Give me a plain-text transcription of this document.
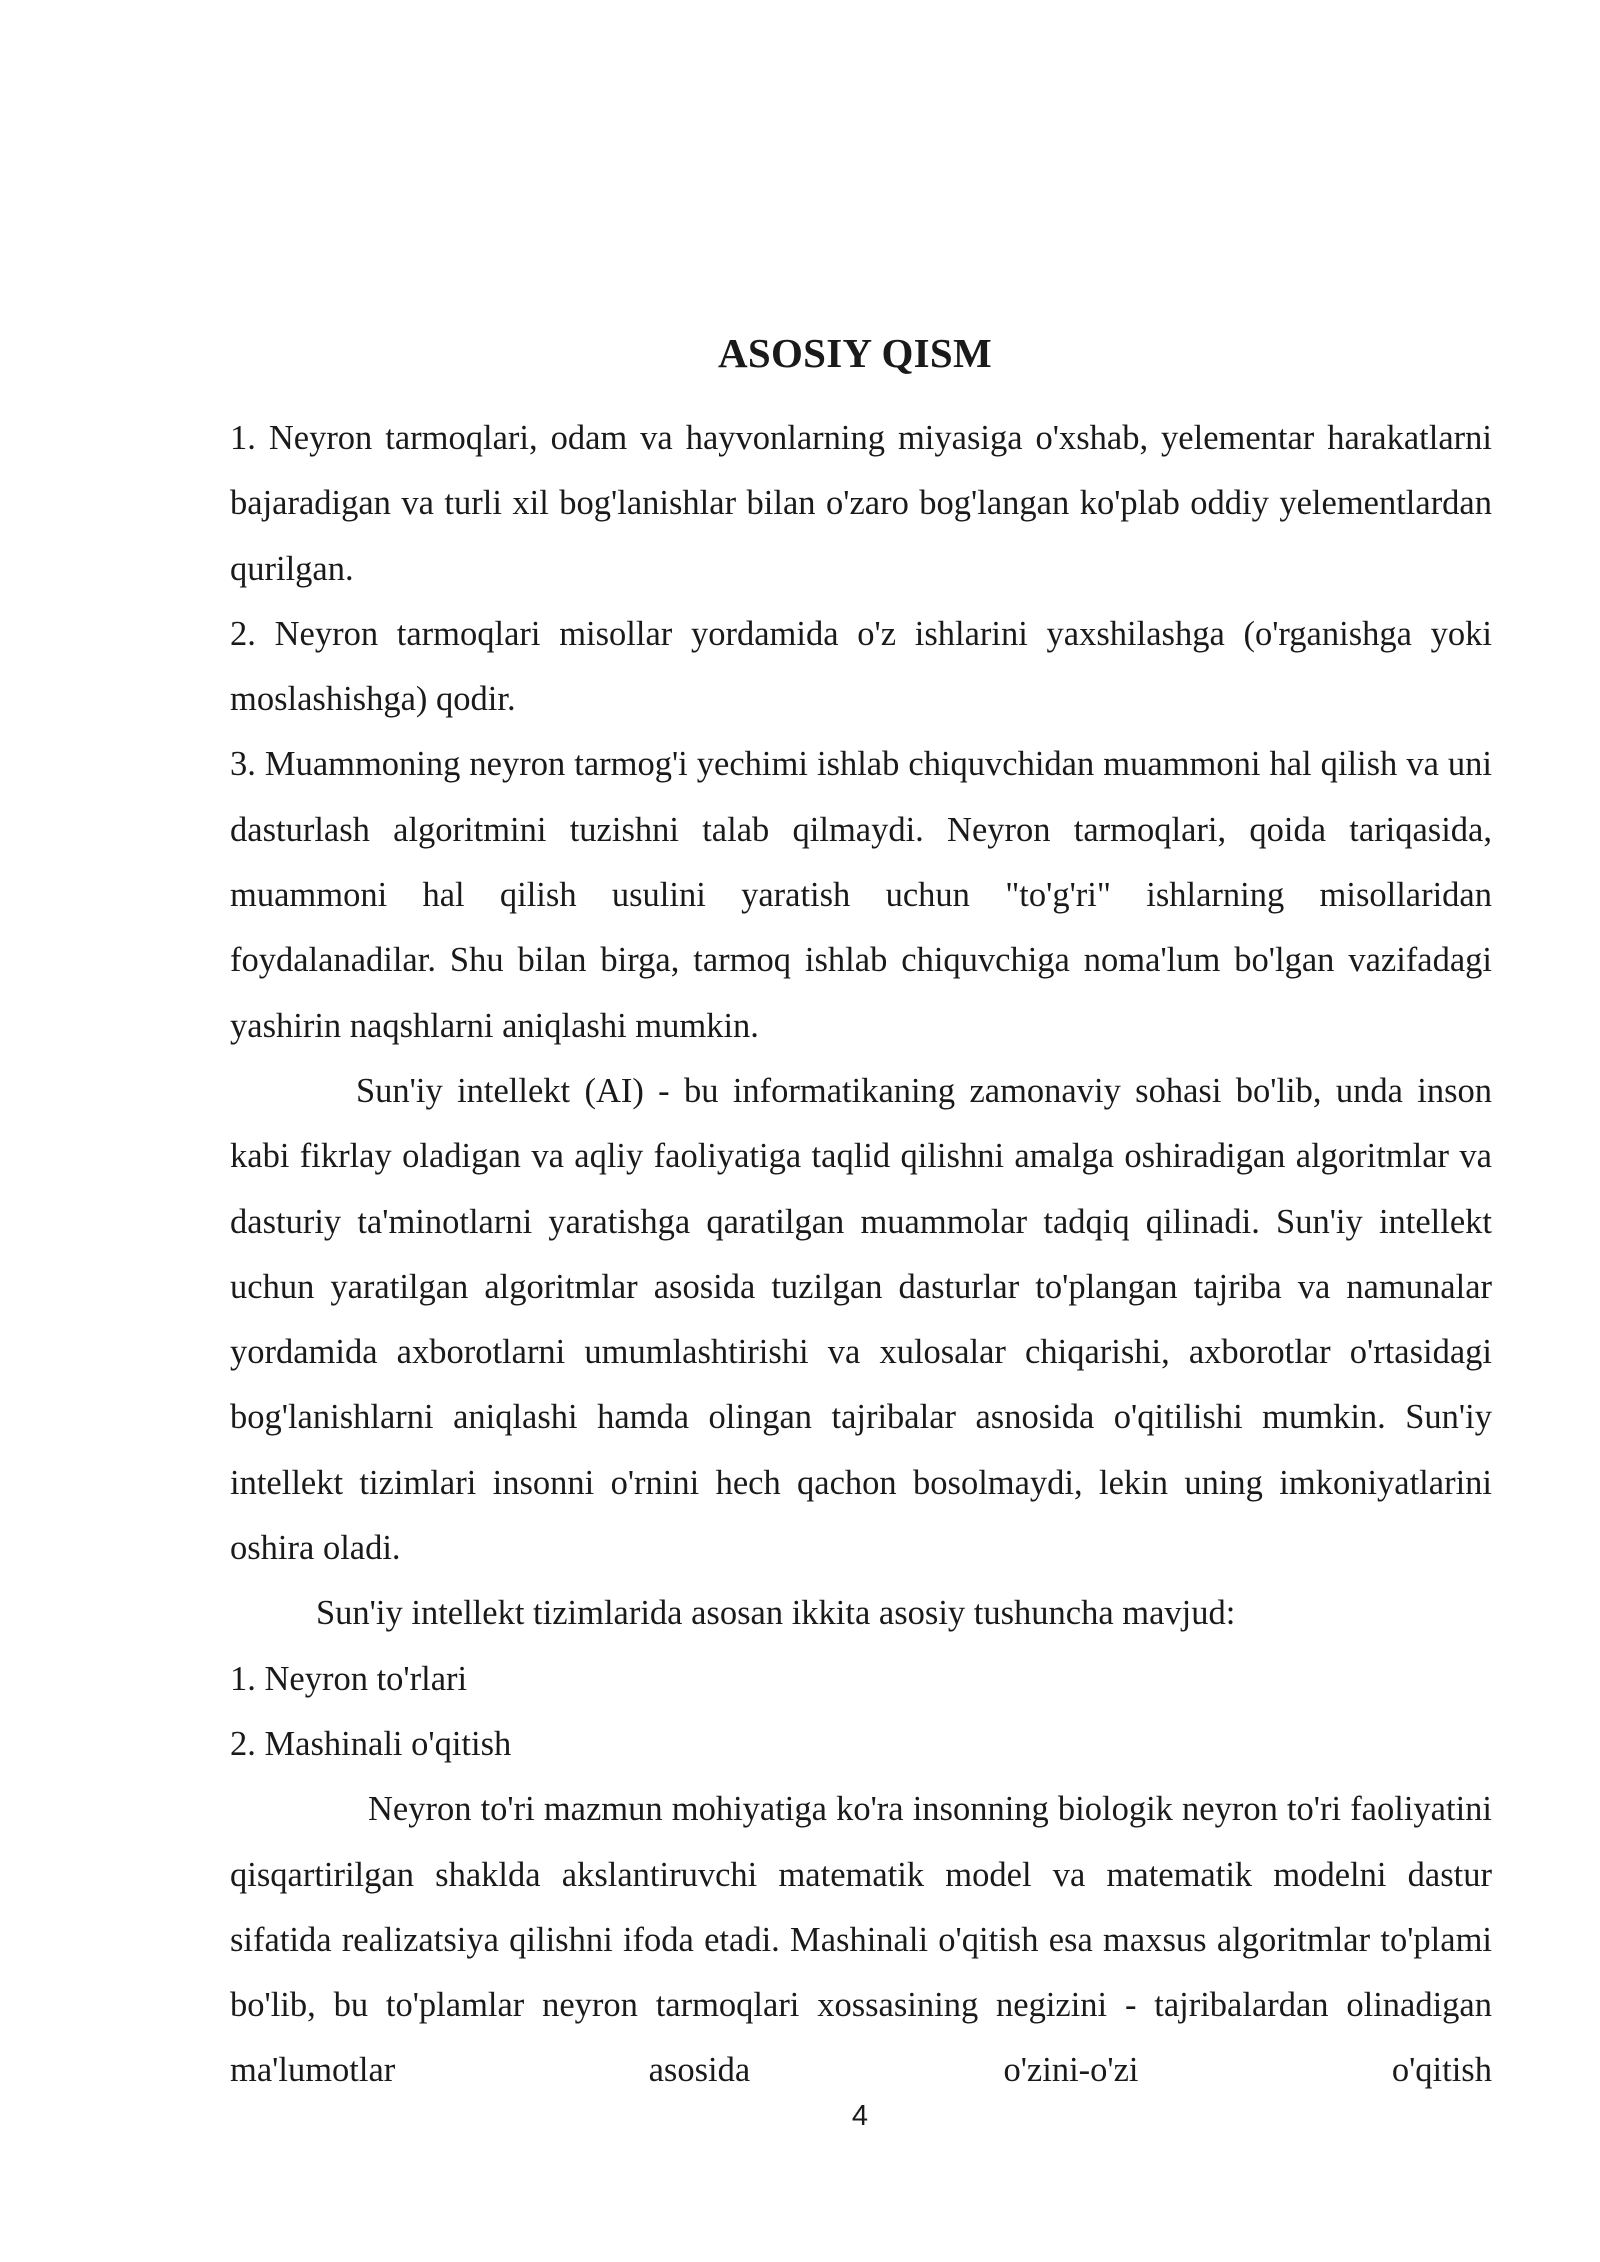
ASOSIY QISM

1. Neyron tarmoqlari, odam va hayvonlarning miyasiga o'xshab, yelementar harakatlarni bajaradigan va turli xil bog'lanishlar bilan o'zaro bog'langan ko'plab oddiy yelementlardan qurilgan.

2. Neyron tarmoqlari misollar yordamida o'z ishlarini yaxshilashga (o'rganishga yoki moslashishga) qodir.

3. Muammoning neyron tarmog'i yechimi ishlab chiquvchidan muammoni hal qilish va uni dasturlash algoritmini tuzishni talab qilmaydi. Neyron tarmoqlari, qoida tariqasida, muammoni hal qilish usulini yaratish uchun "to'g'ri" ishlarning misollaridan foydalanadilar. Shu bilan birga, tarmoq ishlab chiquvchiga noma'lum bo'lgan vazifadagi yashirin naqshlarni aniqlashi mumkin.

Sun'iy intellekt (AI) - bu informatikaning zamonaviy sohasi bo'lib, unda inson kabi fikrlay oladigan va aqliy faoliyatiga taqlid qilishni amalga oshiradigan algoritmlar va dasturiy ta'minotlarni yaratishga qaratilgan muammolar tadqiq qilinadi. Sun'iy intellekt uchun yaratilgan algoritmlar asosida tuzilgan dasturlar to'plangan tajriba va namunalar yordamida axborotlarni umumlashtirishi va xulosalar chiqarishi, axborotlar o'rtasidagi bog'lanishlarni aniqlashi hamda olingan tajribalar asnosida o'qitilishi mumkin. Sun'iy intellekt tizimlari insonni o'rnini hech qachon bosolmaydi, lekin uning imkoniyatlarini oshira oladi.

Sun'iy intellekt tizimlarida asosan ikkita asosiy tushuncha mavjud:

1. Neyron to'rlari

2. Mashinali o'qitish

Neyron to'ri mazmun mohiyatiga ko'ra insonning biologik neyron to'ri faoliyatini qisqartirilgan shaklda akslantiruvchi matematik model va matematik modelni dastur sifatida realizatsiya qilishni ifoda etadi. Mashinali o'qitish esa maxsus algoritmlar to'plami bo'lib, bu to'plamlar neyron tarmoqlari xossasining negizini - tajribalardan olinadigan ma'lumotlar asosida o'zini-o'zi o'qitish

4
